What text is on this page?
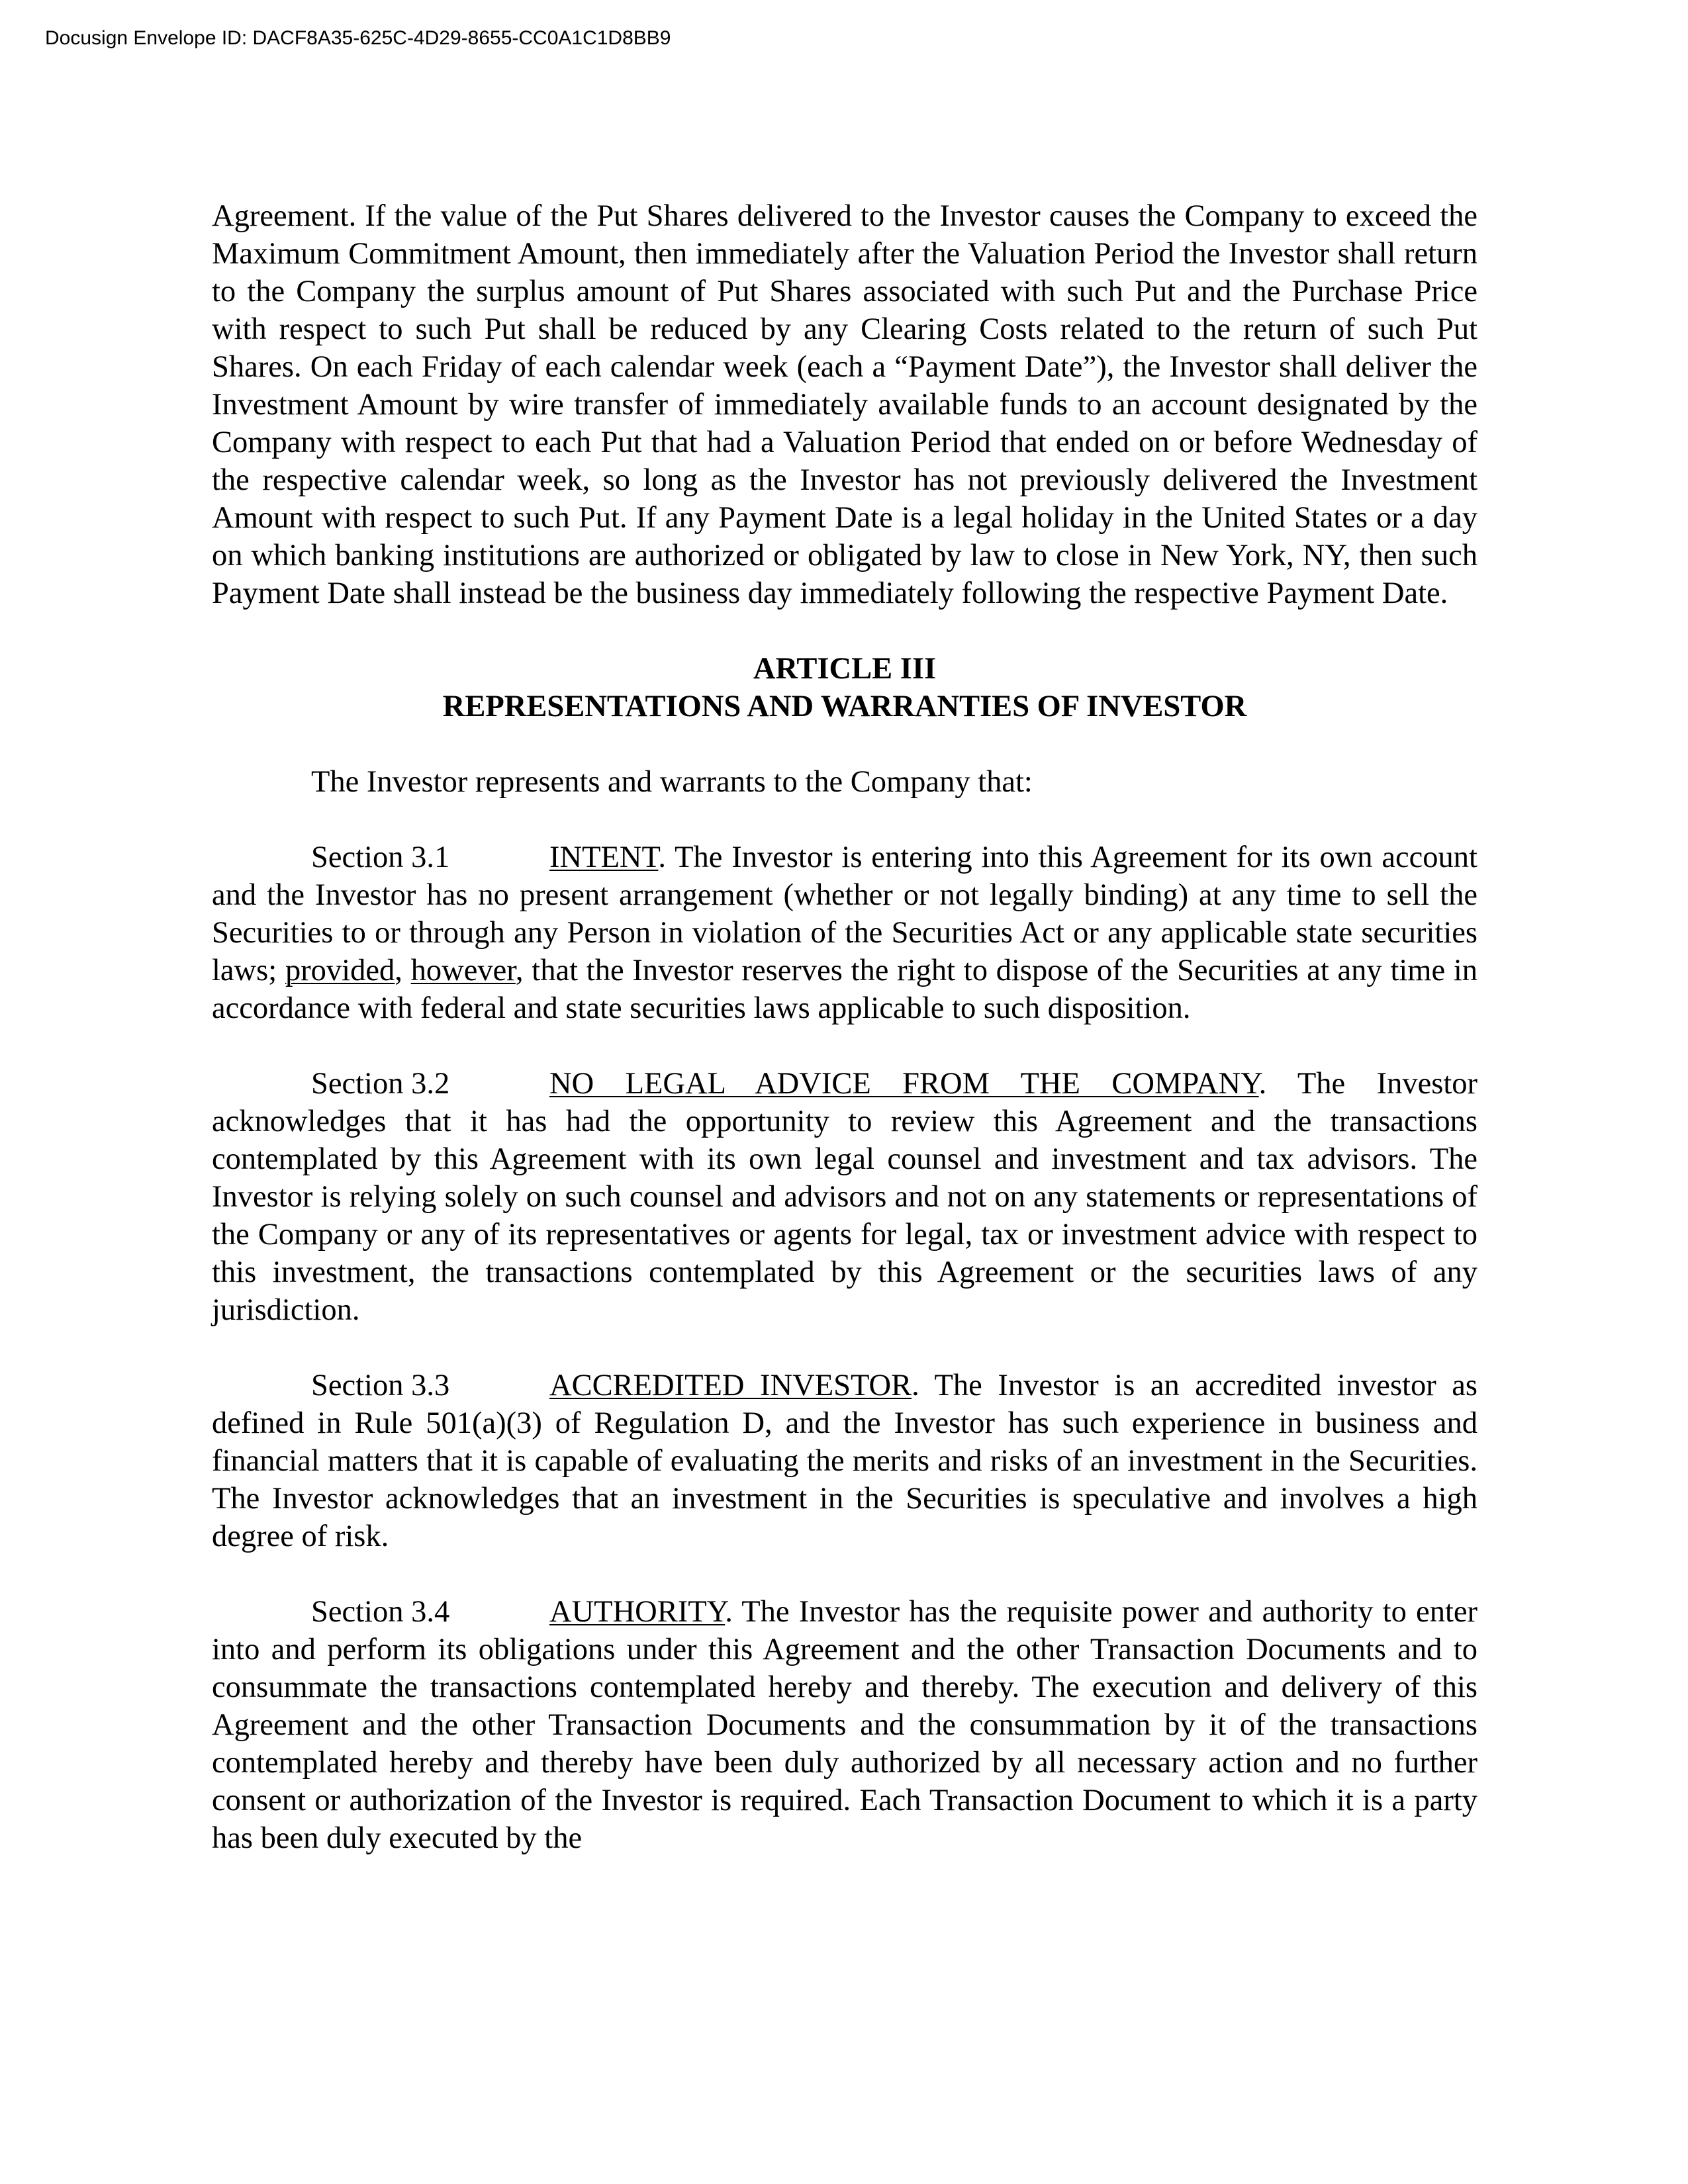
Docusign Envelope ID: DACF8A35-625C-4D29-8655-CC0A1C1D8BB9

Agreement. If the value of the Put Shares delivered to the Investor causes the Company to exceed the Maximum Commitment Amount, then immediately after the Valuation Period the Investor shall return to the Company the surplus amount of Put Shares associated with such Put and the Purchase Price with respect to such Put shall be reduced by any Clearing Costs related to the return of such Put Shares. On each Friday of each calendar week (each a “Payment Date”), the Investor shall deliver the Investment Amount by wire transfer of immediately available funds to an account designated by the Company with respect to each Put that had a Valuation Period that ended on or before Wednesday of the respective calendar week, so long as the Investor has not previously delivered the Investment Amount with respect to such Put. If any Payment Date is a legal holiday in the United States or a day on which banking institutions are authorized or obligated by law to close in New York, NY, then such Payment Date shall instead be the business day immediately following the respective Payment Date.

ARTICLE III
REPRESENTATIONS AND WARRANTIES OF INVESTOR

The Investor represents and warrants to the Company that:

Section 3.1	INTENT. The Investor is entering into this Agreement for its own account and the Investor has no present arrangement (whether or not legally binding) at any time to sell the Securities to or through any Person in violation of the Securities Act or any applicable state securities laws; provided, however, that the Investor reserves the right to dispose of the Securities at any time in accordance with federal and state securities laws applicable to such disposition.

Section 3.2	NO LEGAL ADVICE FROM THE COMPANY. The Investor acknowledges that it has had the opportunity to review this Agreement and the transactions contemplated by this Agreement with its own legal counsel and investment and tax advisors. The Investor is relying solely on such counsel and advisors and not on any statements or representations of the Company or any of its representatives or agents for legal, tax or investment advice with respect to this investment, the transactions contemplated by this Agreement or the securities laws of any jurisdiction.

Section 3.3	ACCREDITED INVESTOR. The Investor is an accredited investor as defined in Rule 501(a)(3) of Regulation D, and the Investor has such experience in business and financial matters that it is capable of evaluating the merits and risks of an investment in the Securities. The Investor acknowledges that an investment in the Securities is speculative and involves a high degree of risk.

Section 3.4	AUTHORITY. The Investor has the requisite power and authority to enter into and perform its obligations under this Agreement and the other Transaction Documents and to consummate the transactions contemplated hereby and thereby. The execution and delivery of this Agreement and the other Transaction Documents and the consummation by it of the transactions contemplated hereby and thereby have been duly authorized by all necessary action and no further consent or authorization of the Investor is required. Each Transaction Document to which it is a party has been duly executed by the
